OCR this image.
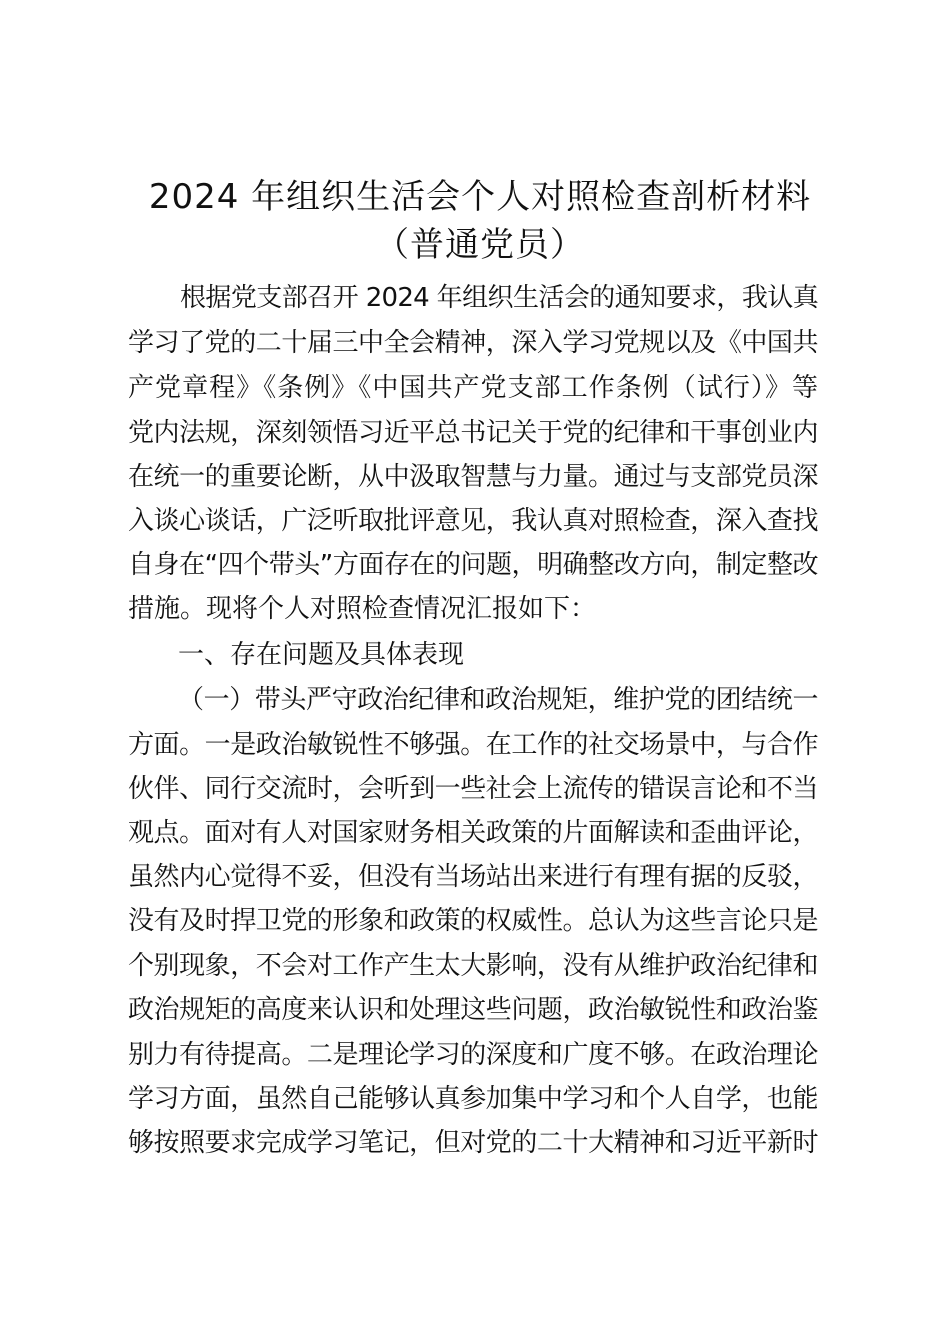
2024 年组织生活会个人对照检查剖析材料
（普通党员）
根据党支部召开 2024 年组织生活会的通知要求，我认真
学习了党的二十届三中全会精神，深入学习党规以及《中国共
产党章程》《条例》《中国共产党支部工作条例（试行）》等
党内法规，深刻领悟习近平总书记关于党的纪律和干事创业内
在统一的重要论断，从中汲取智慧与力量。通过与支部党员深
入谈心谈话，广泛听取批评意见，我认真对照检查，深入查找
自身在“四个带头”方面存在的问题，明确整改方向，制定整改
措施。现将个人对照检查情况汇报如下：
一、存在问题及具体表现
（一）带头严守政治纪律和政治规矩，维护党的团结统一
方面。一是政治敏锐性不够强。在工作的社交场景中，与合作
伙伴、同行交流时，会听到一些社会上流传的错误言论和不当
观点。面对有人对国家财务相关政策的片面解读和歪曲评论，
虽然内心觉得不妥，但没有当场站出来进行有理有据的反驳，
没有及时捍卫党的形象和政策的权威性。总认为这些言论只是
个别现象，不会对工作产生太大影响，没有从维护政治纪律和
政治规矩的高度来认识和处理这些问题，政治敏锐性和政治鉴
别力有待提高。二是理论学习的深度和广度不够。在政治理论
学习方面，虽然自己能够认真参加集中学习和个人自学，也能
够按照要求完成学习笔记，但对党的二十大精神和习近平新时
